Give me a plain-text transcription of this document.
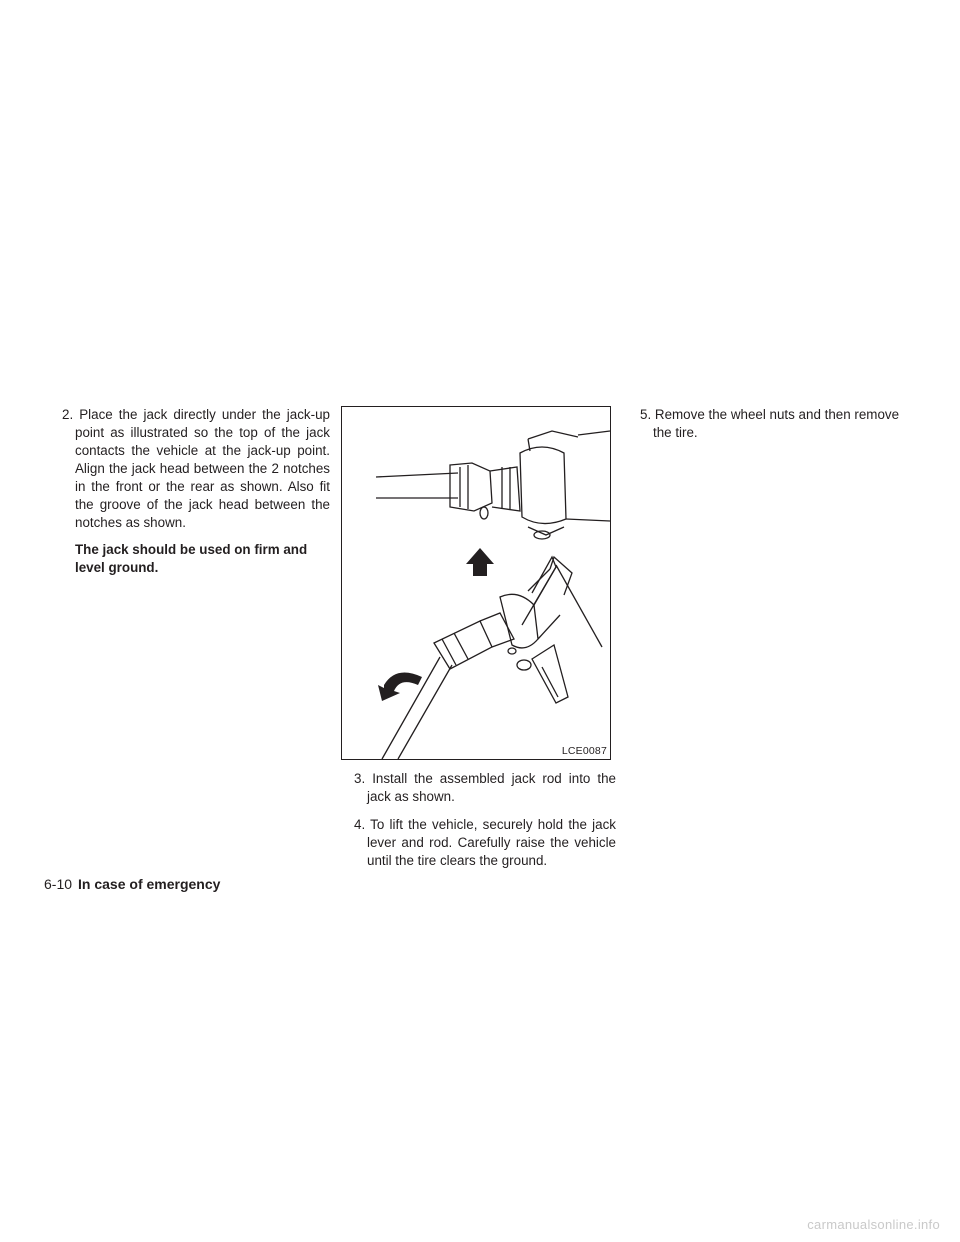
2. Place the jack directly under the jack-up point as illustrated so the top of the jack contacts the vehicle at the jack-up point. Align the jack head between the 2 notches in the front or the rear as shown. Also fit the groove of the jack head between the notches as shown.

The jack should be used on firm and level ground.

LCE0087

3. Install the assembled jack rod into the jack as shown.

4. To lift the vehicle, securely hold the jack lever and rod. Carefully raise the vehicle until the tire clears the ground.

5. Remove the wheel nuts and then remove the tire.

6-10 In case of emergency
carmanualsonline.info
